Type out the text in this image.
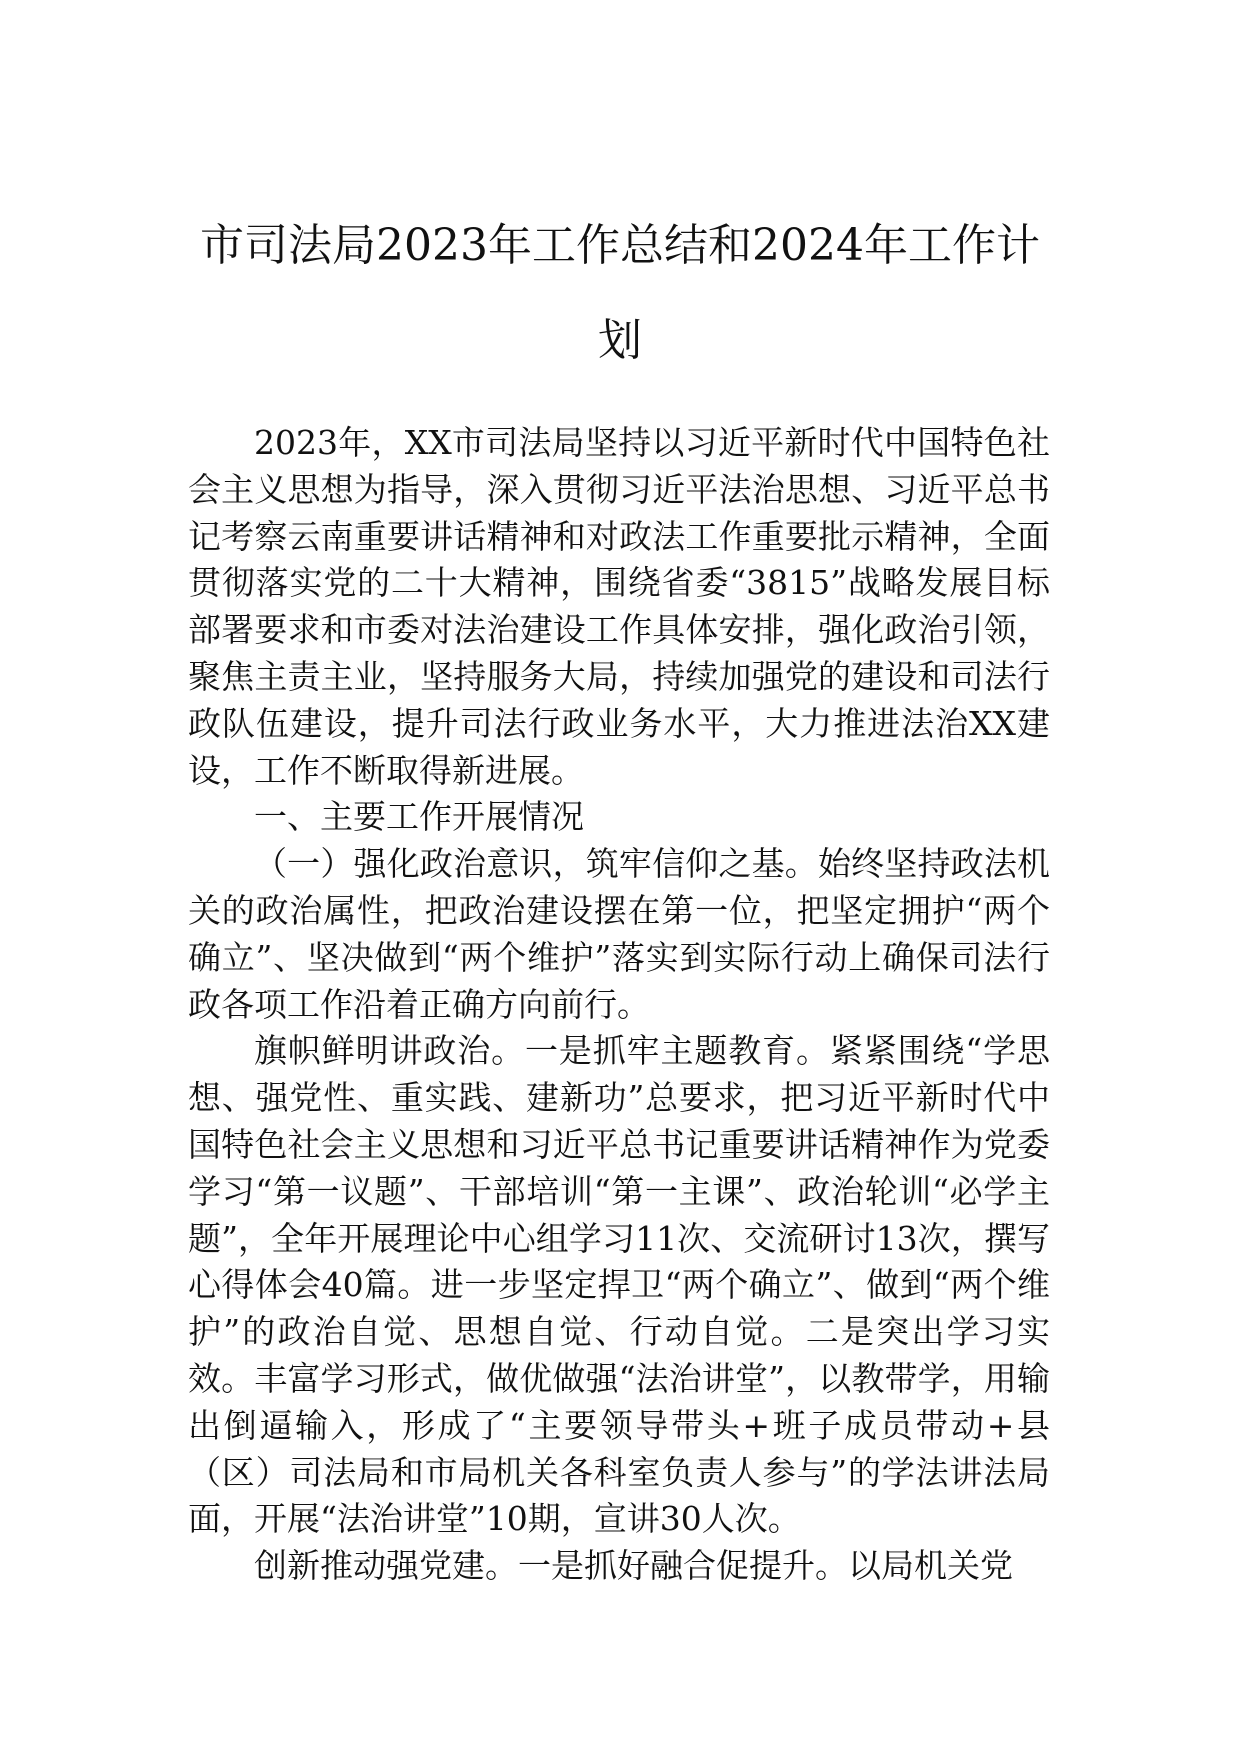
市司法局2023年工作总结和2024年工作计
划

2023年，XX市司法局坚持以习近平新时代中国特色社会主义思想为指导，深入贯彻习近平法治思想、习近平总书记考察云南重要讲话精神和对政法工作重要批示精神，全面贯彻落实党的二十大精神，围绕省委“3815”战略发展目标部署要求和市委对法治建设工作具体安排，强化政治引领，聚焦主责主业，坚持服务大局，持续加强党的建设和司法行政队伍建设，提升司法行政业务水平，大力推进法治XX建设，工作不断取得新进展。

一、主要工作开展情况

（一）强化政治意识，筑牢信仰之基。始终坚持政法机关的政治属性，把政治建设摆在第一位，把坚定拥护“两个确立”、坚决做到“两个维护”落实到实际行动上确保司法行政各项工作沿着正确方向前行。

旗帜鲜明讲政治。一是抓牢主题教育。紧紧围绕“学思想、强党性、重实践、建新功”总要求，把习近平新时代中国特色社会主义思想和习近平总书记重要讲话精神作为党委学习“第一议题”、干部培训“第一主课”、政治轮训“必学主题”，全年开展理论中心组学习11次、交流研讨13次，撰写心得体会40篇。进一步坚定捍卫“两个确立”、做到“两个维护”的政治自觉、思想自觉、行动自觉。二是突出学习实效。丰富学习形式，做优做强“法治讲堂”，以教带学，用输出倒逼输入，形成了“主要领导带头+班子成员带动+县（区）司法局和市局机关各科室负责人参与”的学法讲法局面，开展“法治讲堂”10期，宣讲30人次。

创新推动强党建。一是抓好融合促提升。以局机关党
